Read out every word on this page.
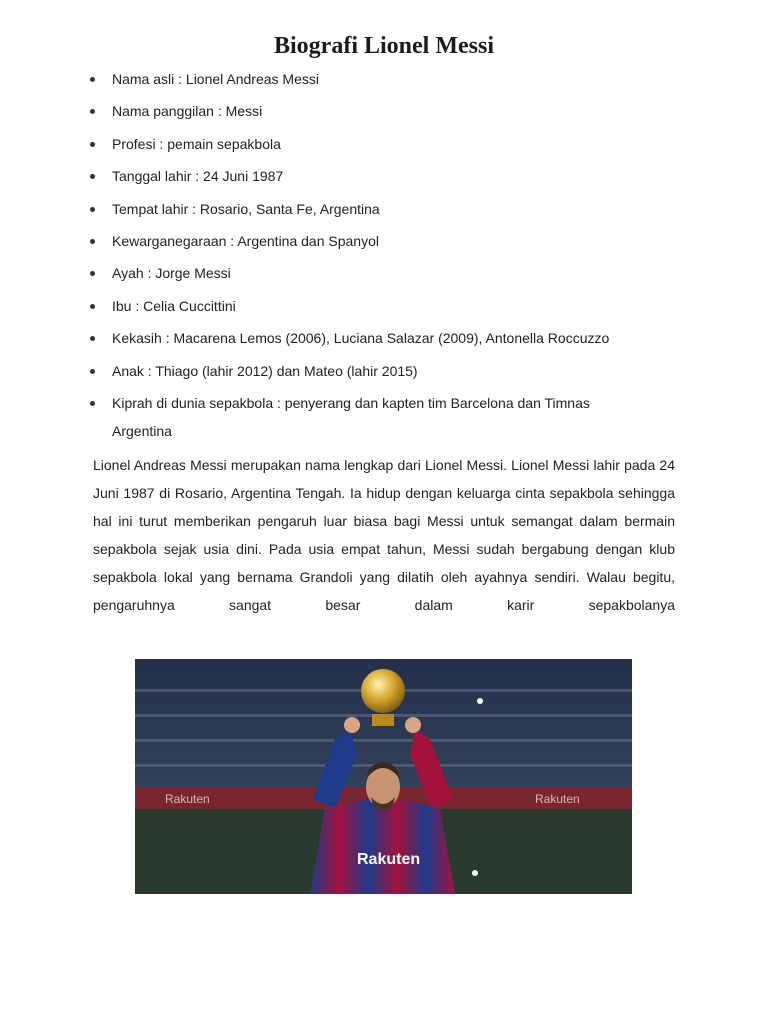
Biografi Lionel Messi
Nama asli : Lionel Andreas Messi
Nama panggilan : Messi
Profesi : pemain sepakbola
Tanggal lahir : 24 Juni 1987
Tempat lahir : Rosario, Santa Fe, Argentina
Kewarganegaraan : Argentina dan Spanyol
Ayah : Jorge Messi
Ibu : Celia Cuccittini
Kekasih : Macarena Lemos (2006), Luciana Salazar (2009), Antonella Roccuzzo
Anak : Thiago (lahir 2012) dan Mateo (lahir 2015)
Kiprah di dunia sepakbola : penyerang dan kapten tim Barcelona dan Timnas Argentina

Lionel Andreas Messi merupakan nama lengkap dari Lionel Messi. Lionel Messi lahir pada 24 Juni 1987 di Rosario, Argentina Tengah. Ia hidup dengan keluarga cinta sepakbola sehingga hal ini turut memberikan pengaruh luar biasa bagi Messi untuk semangat dalam bermain sepakbola sejak usia dini. Pada usia empat tahun, Messi sudah bergabung dengan klub sepakbola lokal yang bernama Grandoli yang dilatih oleh ayahnya sendiri. Walau begitu, pengaruhnya sangat besar dalam karir sepakbolanya

Rakuten	Rakuten
Rakuten
